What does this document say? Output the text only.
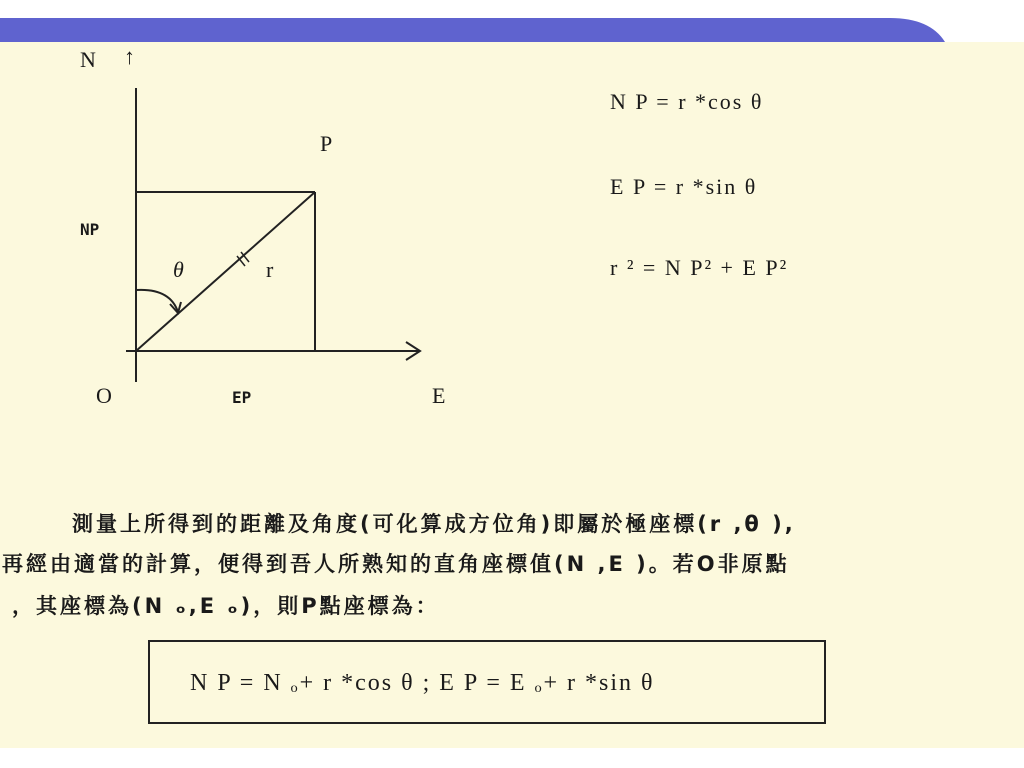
N ↑
P
NP
θ	r
O	EP	E
N P = r *cos θ
E P = r *sin θ
r ² = N P² + E P²
測量上所得到的距離及角度(可化算成方位角)即屬於極座標(r ,θ ),
再經由適當的計算，便得到吾人所熟知的直角座標值(N ,E )。若O非原點
，其座標為(N ₒ,E ₒ)，則P點座標為：
N P = N ₒ+ r *cos θ ; E P = E ₒ+ r *sin θ
